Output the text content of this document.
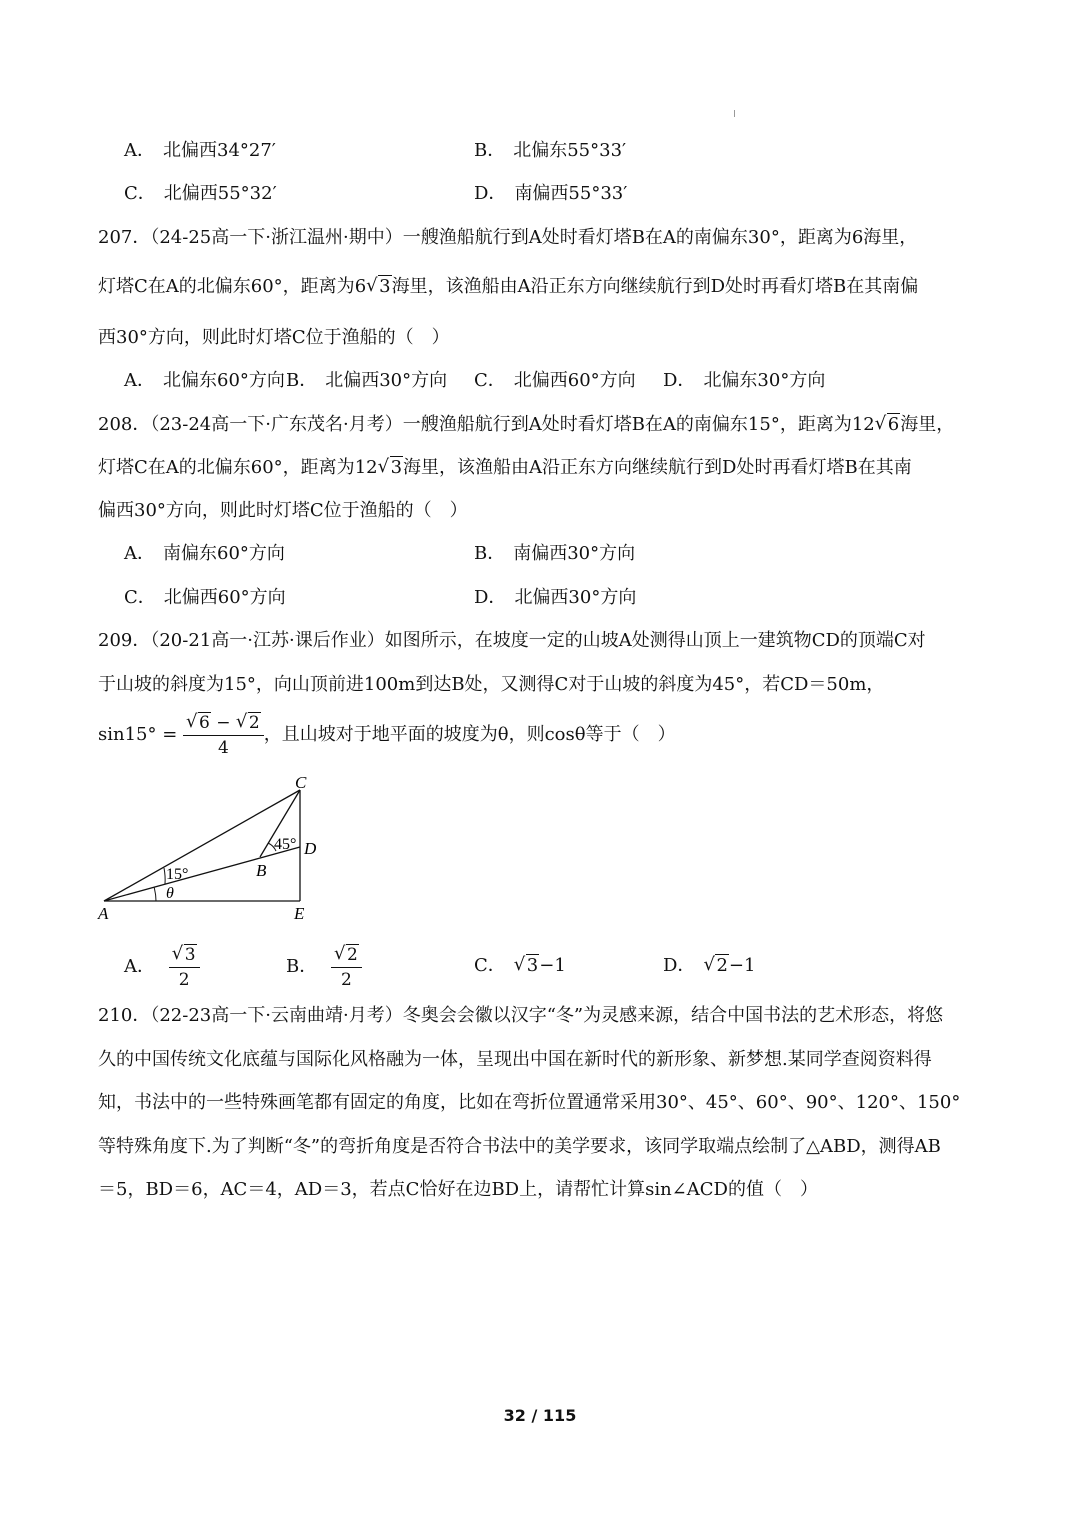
A． 北偏西34°27′	B． 北偏东55°33′
C． 北偏西55°32′	D． 南偏西55°33′
207．（24-25高一下·浙江温州·期中）一艘渔船航行到A处时看灯塔B在A的南偏东30°，距离为6海里，
灯塔C在A的北偏东60°，距离为6 √ 3海里，该渔船由A沿正东方向继续航行到D处时再看灯塔B在其南偏
西30°方向，则此时灯塔C位于渔船的（　）
A． 北偏东60°方向 B． 北偏西30°方向 C． 北偏西60°方向 D． 北偏东30°方向
208．（23-24高一下·广东茂名·月考）一艘渔船航行到A处时看灯塔B在A的南偏东15°，距离为12 √ 6海里，
灯塔C在A的北偏东60°，距离为12 √ 3海里，该渔船由A沿正东方向继续航行到D处时再看灯塔B在其南
偏西30°方向，则此时灯塔C位于渔船的（　）
A． 南偏东60°方向	B． 南偏西30°方向
C． 北偏西60°方向	D． 北偏西30°方向
209．（20-21高一·江苏·课后作业）如图所示，在坡度一定的山坡A处测得山顶上一建筑物CD的顶端C对
于山坡的斜度为15°，向山顶前进100m到达B处，又测得C对于山坡的斜度为45°，若CD＝50m，
$\sin 15^\circ = \frac{√ 6 - √ 2}{4}$ ，且山坡对于地平面的坡度为θ，则cosθ等于（　）
C
D
B
A	E
15°
θ
45°
A． $\frac{√ 3}{2}$	B． $\frac{√ 2}{2}$	C． √ 3−1	D． √ 2−1
210．（22-23高一下·云南曲靖·月考）冬奥会会徽以汉字“冬”为灵感来源，结合中国书法的艺术形态，将悠
久的中国传统文化底蕴与国际化风格融为一体，呈现出中国在新时代的新形象、新梦想.某同学查阅资料得
知，书法中的一些特殊画笔都有固定的角度，比如在弯折位置通常采用30°、45°、60°、90°、120°、150°
等特殊角度下.为了判断“冬”的弯折角度是否符合书法中的美学要求，该同学取端点绘制了△ABD，测得AB
＝5，BD＝6，AC＝4，AD＝3，若点C恰好在边BD上，请帮忙计算sin∠ACD的值（　）
32 / 115
